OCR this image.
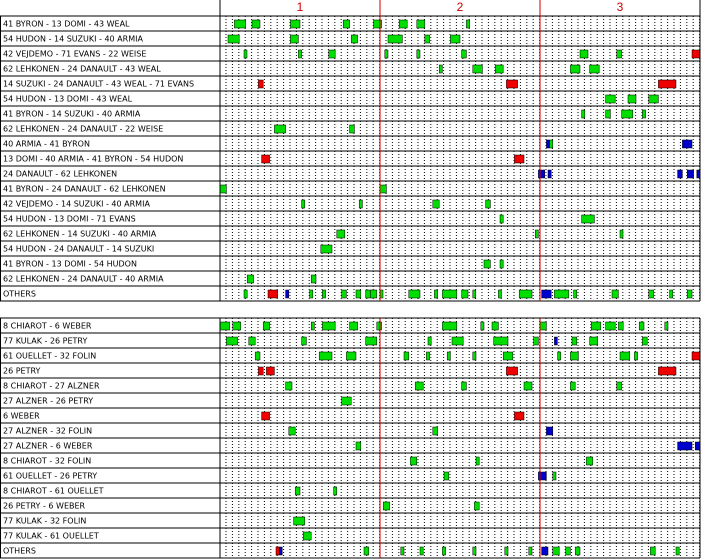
1	2	3
41 BYRON - 13 DOMI - 43 WEAL
54 HUDON - 14 SUZUKI - 40 ARMIA
42 VEJDEMO - 71 EVANS - 22 WEISE
62 LEHKONEN - 24 DANAULT - 43 WEAL
14 SUZUKI - 24 DANAULT - 43 WEAL - 71 EVANS
54 HUDON - 13 DOMI - 43 WEAL
41 BYRON - 14 SUZUKI - 40 ARMIA
62 LEHKONEN - 24 DANAULT - 22 WEISE
40 ARMIA - 41 BYRON
13 DOMI - 40 ARMIA - 41 BYRON - 54 HUDON
24 DANAULT - 62 LEHKONEN
41 BYRON - 24 DANAULT - 62 LEHKONEN
42 VEJDEMO - 14 SUZUKI - 40 ARMIA
54 HUDON - 13 DOMI - 71 EVANS
62 LEHKONEN - 14 SUZUKI - 40 ARMIA
54 HUDON - 24 DANAULT - 14 SUZUKI
41 BYRON - 13 DOMI - 54 HUDON
62 LEHKONEN - 24 DANAULT - 40 ARMIA
OTHERS
8 CHIAROT - 6 WEBER
77 KULAK - 26 PETRY
61 OUELLET - 32 FOLIN
26 PETRY
8 CHIAROT - 27 ALZNER
27 ALZNER - 26 PETRY
6 WEBER
27 ALZNER - 32 FOLIN
27 ALZNER - 6 WEBER
8 CHIAROT - 32 FOLIN
61 OUELLET - 26 PETRY
8 CHIAROT - 61 OUELLET
26 PETRY - 6 WEBER
77 KULAK - 32 FOLIN
77 KULAK - 61 OUELLET
OTHERS
